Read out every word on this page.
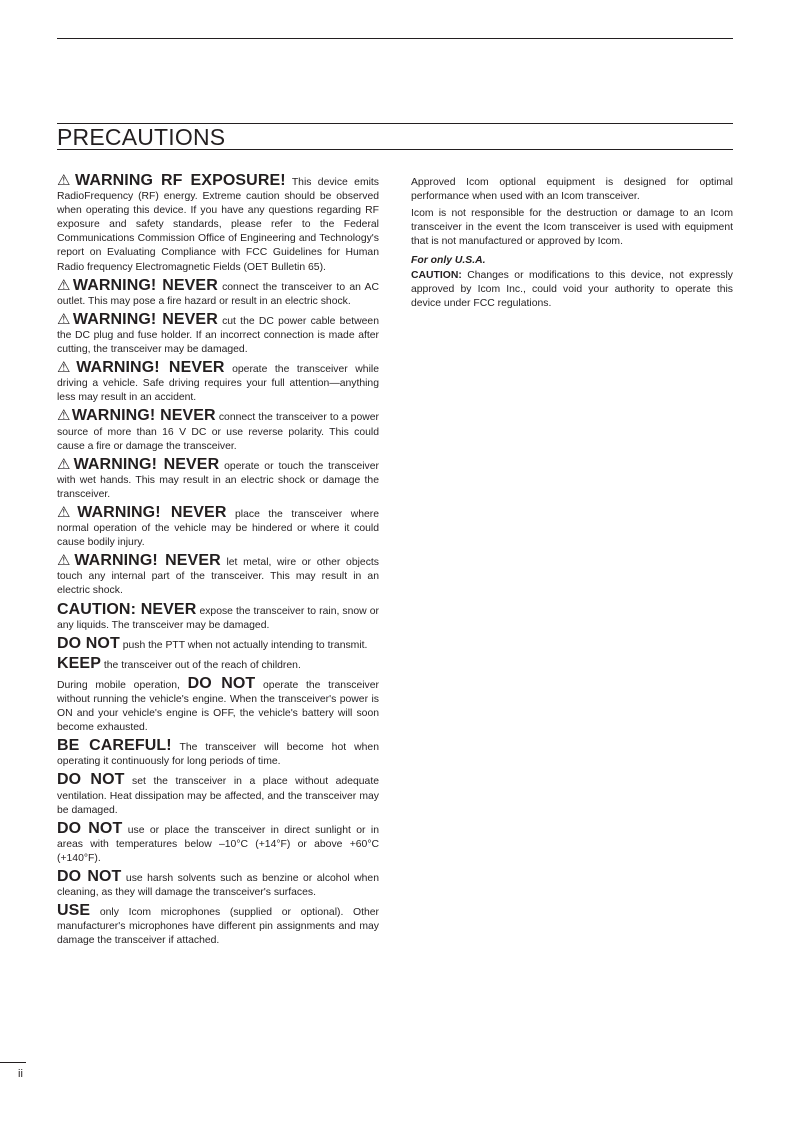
PRECAUTIONS

⚠WARNING RF EXPOSURE! This device emits RadioFrequency (RF) energy. Extreme caution should be observed when operating this device. If you have any questions regarding RF exposure and safety standards, please refer to the Federal Communications Commission Office of Engineering and Technology's report on Evaluating Compliance with FCC Guidelines for Human Radio frequency Electromagnetic Fields (OET Bulletin 65).

⚠WARNING! NEVER connect the transceiver to an AC outlet. This may pose a fire hazard or result in an electric shock.

⚠WARNING! NEVER cut the DC power cable between the DC plug and fuse holder. If an incorrect connection is made after cutting, the transceiver may be damaged.

⚠WARNING! NEVER operate the transceiver while driving a vehicle. Safe driving requires your full attention—anything less may result in an accident.

⚠WARNING! NEVER connect the transceiver to a power source of more than 16 V DC or use reverse polarity. This could cause a fire or damage the transceiver.

⚠WARNING! NEVER operate or touch the transceiver with wet hands. This may result in an electric shock or damage the transceiver.

⚠WARNING! NEVER place the transceiver where normal operation of the vehicle may be hindered or where it could cause bodily injury.

⚠WARNING! NEVER let metal, wire or other objects touch any internal part of the transceiver. This may result in an electric shock.

CAUTION: NEVER expose the transceiver to rain, snow or any liquids. The transceiver may be damaged.

DO NOT push the PTT when not actually intending to transmit.

KEEP the transceiver out of the reach of children.

During mobile operation, DO NOT operate the transceiver without running the vehicle's engine. When the transceiver's power is ON and your vehicle's engine is OFF, the vehicle's battery will soon become exhausted.

BE CAREFUL! The transceiver will become hot when operating it continuously for long periods of time.

DO NOT set the transceiver in a place without adequate ventilation. Heat dissipation may be affected, and the transceiver may be damaged.

DO NOT use or place the transceiver in direct sunlight or in areas with temperatures below –10°C (+14°F) or above +60°C (+140°F).

DO NOT use harsh solvents such as benzine or alcohol when cleaning, as they will damage the transceiver's surfaces.

USE only Icom microphones (supplied or optional). Other manufacturer's microphones have different pin assignments and may damage the transceiver if attached.

Approved Icom optional equipment is designed for optimal performance when used with an Icom transceiver.

Icom is not responsible for the destruction or damage to an Icom transceiver in the event the Icom transceiver is used with equipment that is not manufactured or approved by Icom.

For only U.S.A.

CAUTION: Changes or modifications to this device, not expressly approved by Icom Inc., could void your authority to operate this device under FCC regulations.

ii
